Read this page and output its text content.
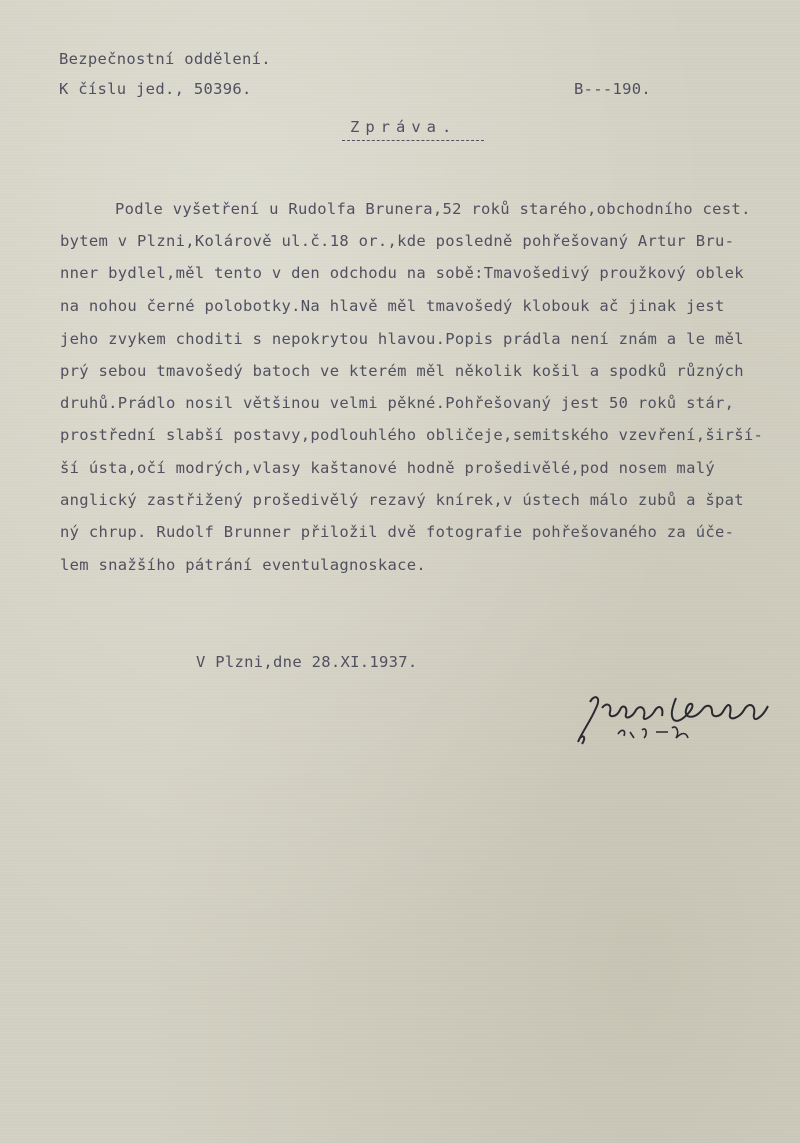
Bezpečnostní oddělení.
K číslu jed., 50396.	B---190.
Zpráva.
Podle vyšetření u Rudolfa Brunera,52 roků starého,obchodního cest.
bytem v Plzni,Kolárově ul.č.18 or.,kde posledně pohřešovaný Artur Bru-
nner bydlel,měl tento v den odchodu na sobě:Tmavošedivý proužkový oblek
na nohou černé polobotky.Na hlavě měl tmavošedý klobouk ač jinak jest
jeho zvykem choditi s nepokrytou hlavou.Popis prádla není znám a le měl
prý sebou tmavošedý batoch ve kterém měl několik košil a spodků různých
druhů.Prádlo nosil většinou velmi pěkné.Pohřešovaný jest 50 roků stár,
prostřední slabší postavy,podlouhlého obličeje,semitského vzevření,širší-
ší ústa,očí modrých,vlasy kaštanové hodně prošedivělé,pod nosem malý
anglický zastřižený prošedivělý rezavý knírek,v ústech málo zubů a špat
ný chrup. Rudolf Brunner přiložil dvě fotografie pohřešovaného za úče-
lem snažšího pátrání eventulagnoskace.
V Plzni,dne 28.XI.1937.
